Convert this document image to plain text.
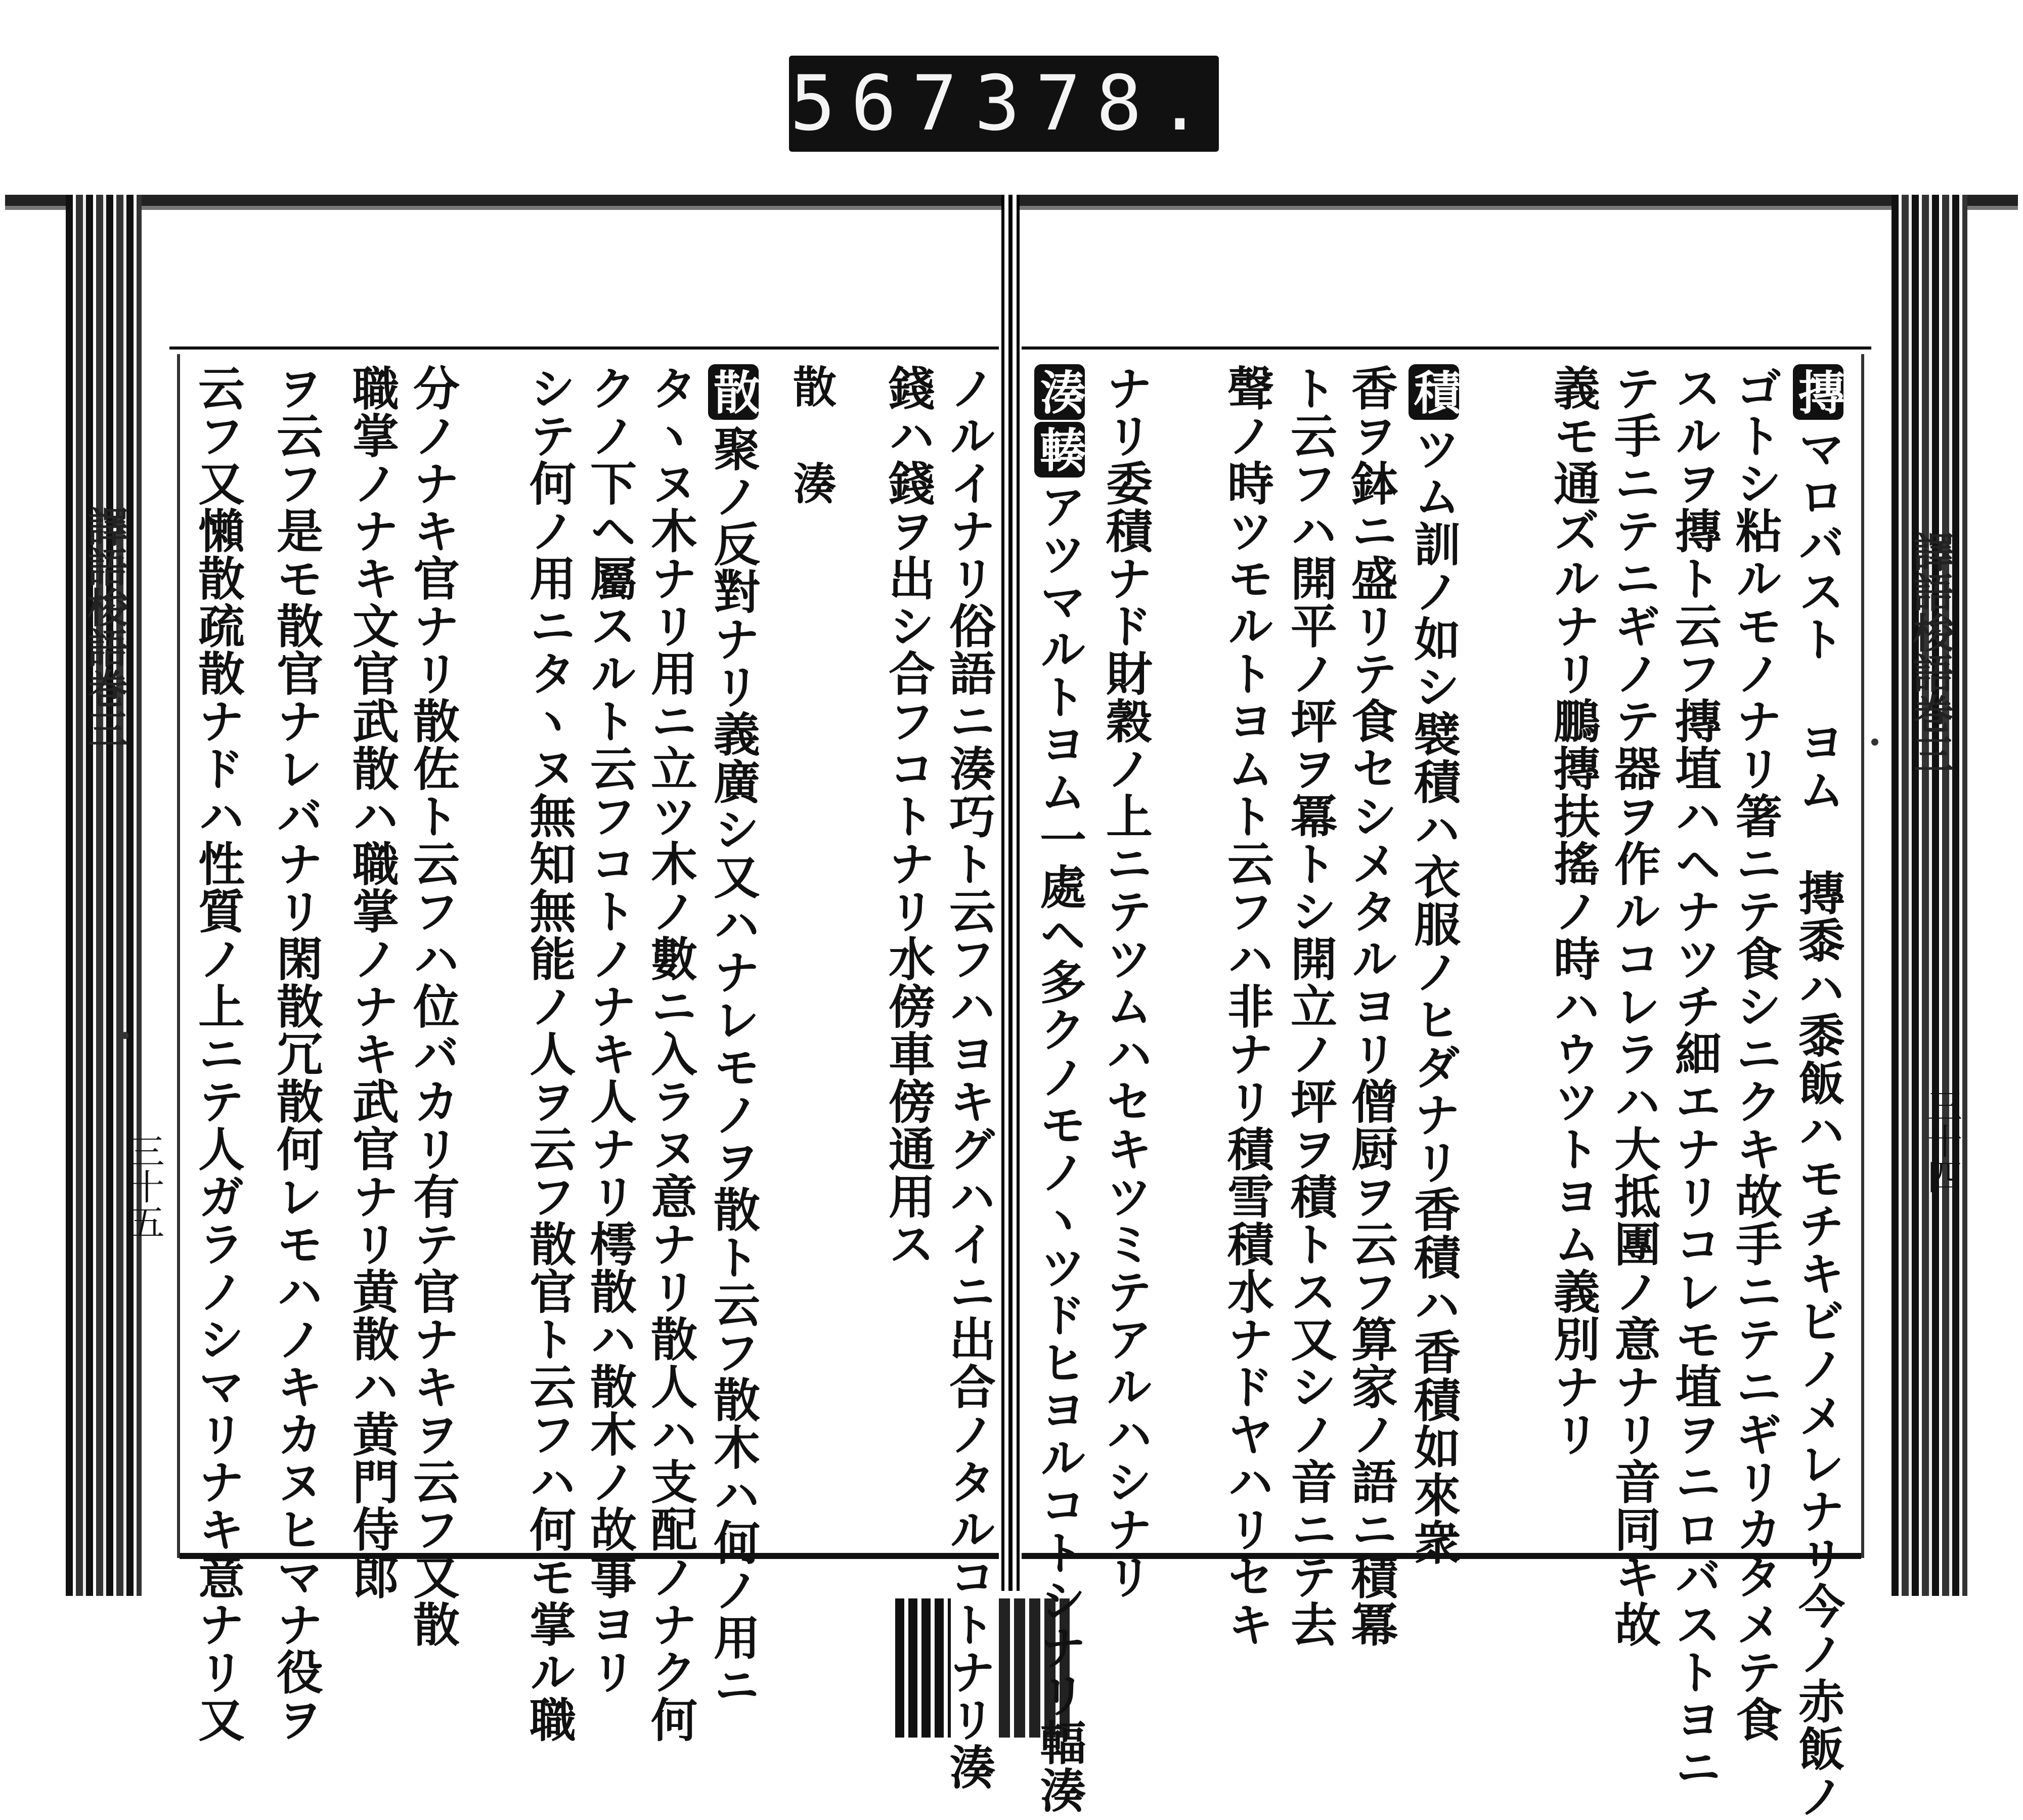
567 378.
譯語梭語巻三
三十四
譯語梭語巻三
三十五
摶マロバスト ヨム 摶黍ハ黍飯ハモチキビノメレナリ今ノ赤飯ノ
ゴトシ粘ルモノナリ箸ニテ食シニクキ故手ニテニギリカタメテ食
スルヲ摶ト云フ摶埴ハヘナツチ細エナリコレモ埴ヲニロバストヨニ
テ手ニテニギノテ器ヲ作ルコレラハ大抵團ノ意ナリ音同キ故
義モ通ズルナリ鵬摶扶搖ノ時ハウツトヨム義別ナリ
積ツム訓ノ如シ襞積ハ衣服ノヒダナリ香積ハ香積如來衆
香ヲ鉢ニ盛リテ食セシメタルヨリ僧厨ヲ云フ算家ノ語ニ積冪
ト云フハ開平ノ坪ヲ冪トシ開立ノ坪ヲ積トス又シノ音ニテ去
聲ノ時ツモルトヨムト云フハ非ナリ積雪積水ナドヤハリセキ
ナリ委積ナド財穀ノ上ニテツムハセキツミテアルハシナリ
湊輳アツマルトヨム一處ヘ多クノモノヽツドヒヨルコトシナリ輻湊
ノルイナリ俗語ニ湊巧ト云フハヨキグハイニ出合ノタルコトナリ湊
錢ハ錢ヲ出シ合フコトナリ水傍車傍通用ス
散 湊
散聚ノ反對ナリ義廣シ又ハナレモノヲ散ト云フ散木ハ何ノ用ニ
タヽヌ木ナリ用ニ立ツ木ノ數ニ入ラヌ意ナリ散人ハ支配ノナク何
クノ下ヘ屬スルト云フコトノナキ人ナリ樗散ハ散木ノ故事ヨリ
シテ何ノ用ニタヽヌ無知無能ノ人ヲ云フ散官ト云フハ何モ掌ル職
分ノナキ官ナリ散佐ト云フハ位バカリ有テ官ナキヲ云フ又散
職掌ノナキ文官武散ハ職掌ノナキ武官ナリ黄散ハ黄門侍郎
ヲ云フ是モ散官ナレバナリ閑散冗散何レモハノキカヌヒマナ役ヲ
云フ又懶散疏散ナドハ性質ノ上ニテ人ガラノシマリナキ意ナリ又
